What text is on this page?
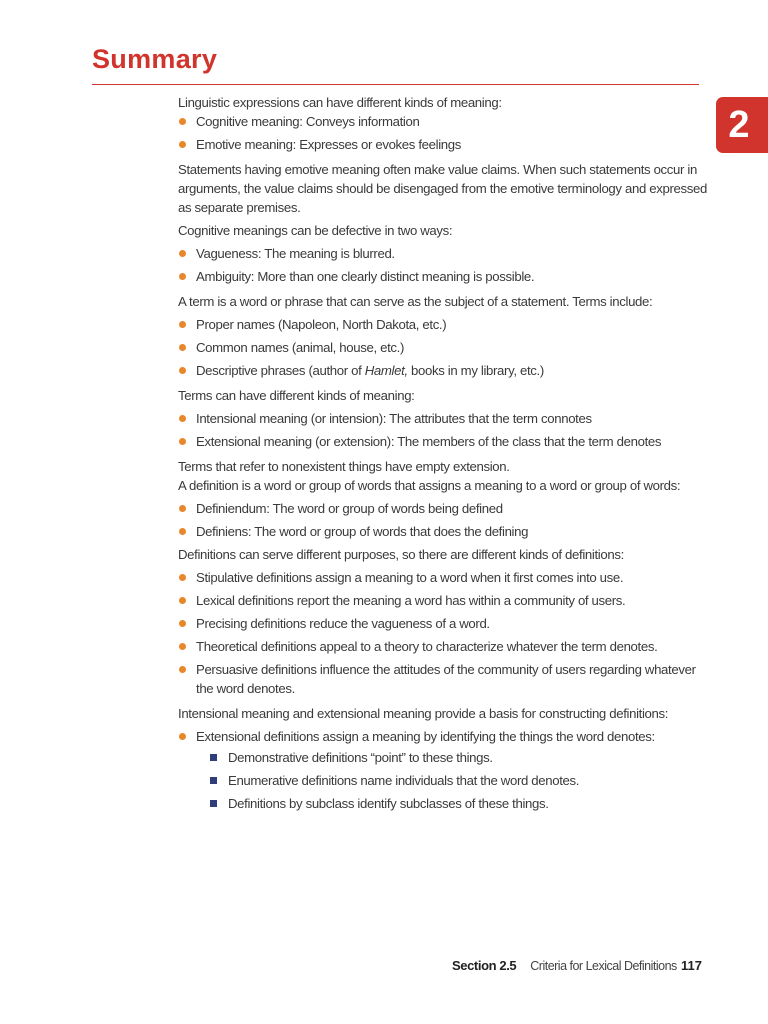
Summary
2

Linguistic expressions can have different kinds of meaning:

Cognitive meaning: Conveys information
Emotive meaning: Expresses or evokes feelings

Statements having emotive meaning often make value claims. When such statements occur in arguments, the value claims should be disengaged from the emotive terminology and expressed as separate premises.

Cognitive meanings can be defective in two ways:

Vagueness: The meaning is blurred.
Ambiguity: More than one clearly distinct meaning is possible.

A term is a word or phrase that can serve as the subject of a statement. Terms include:

Proper names (Napoleon, North Dakota, etc.)
Common names (animal, house, etc.)
Descriptive phrases (author of Hamlet, books in my library, etc.)

Terms can have different kinds of meaning:

Intensional meaning (or intension): The attributes that the term connotes
Extensional meaning (or extension): The members of the class that the term denotes

Terms that refer to nonexistent things have empty extension.

A definition is a word or group of words that assigns a meaning to a word or group of words:

Definiendum: The word or group of words being defined
Definiens: The word or group of words that does the defining

Definitions can serve different purposes, so there are different kinds of definitions:

Stipulative definitions assign a meaning to a word when it first comes into use.
Lexical definitions report the meaning a word has within a community of users.
Precising definitions reduce the vagueness of a word.
Theoretical definitions appeal to a theory to characterize whatever the term denotes.
Persuasive definitions influence the attitudes of the community of users regarding whatever the word denotes.

Intensional meaning and extensional meaning provide a basis for constructing definitions:

Extensional definitions assign a meaning by identifying the things the word denotes:
Demonstrative definitions “point” to these things.
Enumerative definitions name individuals that the word denotes.
Definitions by subclass identify subclasses of these things.
Section 2.5 Criteria for Lexical Definitions 117
